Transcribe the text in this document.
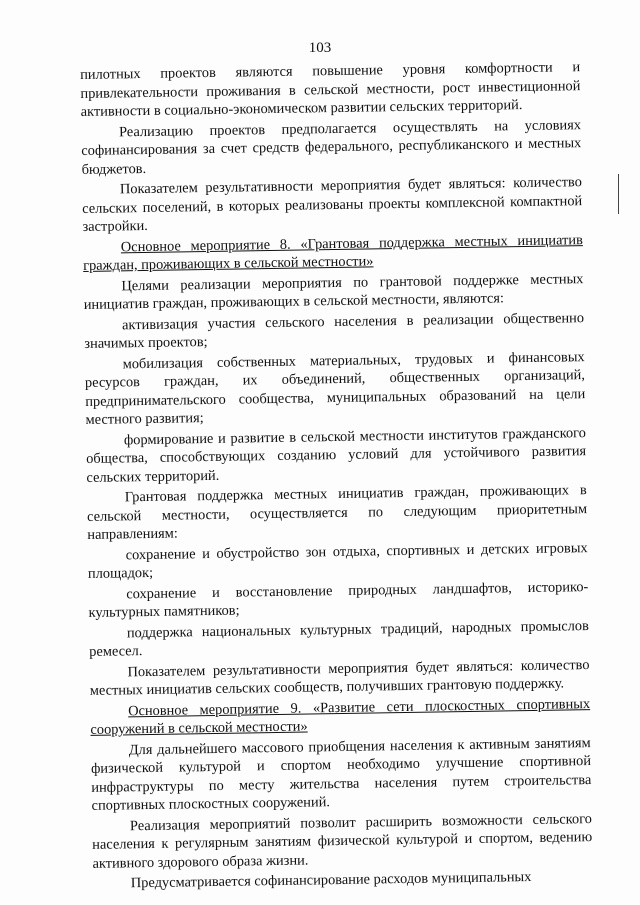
103

пилотных проектов являются повышение уровня комфортности и привлекательности проживания в сельской местности, рост инвестиционной активности в социально-экономическом развитии сельских территорий.

Реализацию проектов предполагается осуществлять на условиях софинансирования за счет средств федерального, республиканского и местных бюджетов.

Показателем результативности мероприятия будет являться: количество сельских поселений, в которых реализованы проекты комплексной компактной застройки.

Основное мероприятие 8. «Грантовая поддержка местных инициатив граждан, проживающих в сельской местности»

Целями реализации мероприятия по грантовой поддержке местных инициатив граждан, проживающих в сельской местности, являются:

активизация участия сельского населения в реализации общественно значимых проектов;

мобилизация собственных материальных, трудовых и финансовых ресурсов граждан, их объединений, общественных организаций, предпринимательского сообщества, муниципальных образований на цели местного развития;

формирование и развитие в сельской местности институтов гражданского общества, способствующих созданию условий для устойчивого развития сельских территорий.

Грантовая поддержка местных инициатив граждан, проживающих в сельской местности, осуществляется по следующим приоритетным направлениям:

сохранение и обустройство зон отдыха, спортивных и детских игровых площадок;

сохранение и восстановление природных ландшафтов, историко-культурных памятников;

поддержка национальных культурных традиций, народных промыслов ремесел.

Показателем результативности мероприятия будет являться: количество местных инициатив сельских сообществ, получивших грантовую поддержку.

Основное мероприятие 9. «Развитие сети плоскостных спортивных сооружений в сельской местности»

Для дальнейшего массового приобщения населения к активным занятиям физической культурой и спортом необходимо улучшение спортивной инфраструктуры по месту жительства населения путем строительства спортивных плоскостных сооружений.

Реализация мероприятий позволит расширить возможности сельского населения к регулярным занятиям физической культурой и спортом, ведению активного здорового образа жизни.

Предусматривается софинансирование расходов муниципальных
